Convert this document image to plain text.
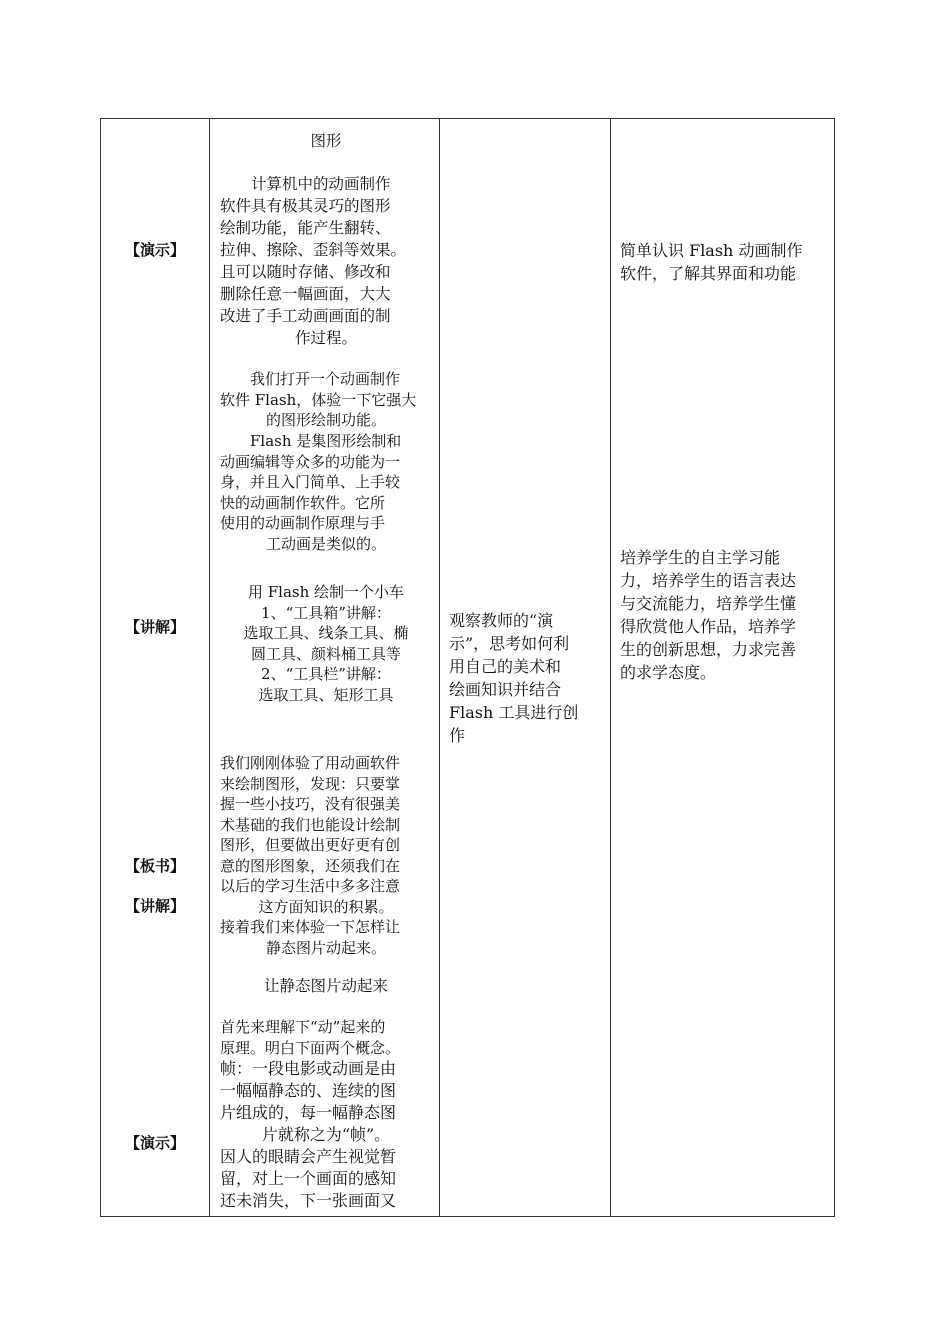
【演示】
【讲解】
【板书】
【讲解】
【演示】
图形
计算机中的动画制作
软件具有极其灵巧的图形
绘制功能，能产生翻转、
拉伸、擦除、歪斜等效果。
且可以随时存储、修改和
删除任意一幅画面，大大
改进了手工动画画面的制
作过程。
我们打开一个动画制作
软件 Flash，体验一下它强大
的图形绘制功能。
Flash 是集图形绘制和
动画编辑等众多的功能为一
身，并且入门简单、上手较
快的动画制作软件。它所
使用的动画制作原理与手
工动画是类似的。
用 Flash 绘制一个小车
1、“工具箱”讲解：
选取工具、线条工具、椭
圆工具、颜料桶工具等
2、“工具栏”讲解：
选取工具、矩形工具
我们刚刚体验了用动画软件
来绘制图形，发现：只要掌
握一些小技巧，没有很强美
术基础的我们也能设计绘制
图形，但要做出更好更有创
意的图形图象，还须我们在
以后的学习生活中多多注意
这方面知识的积累。
接着我们来体验一下怎样让
静态图片动起来。
让静态图片动起来
首先来理解下“动”起来的
原理。明白下面两个概念。
帧：一段电影或动画是由
一幅幅静态的、连续的图
片组成的，每一幅静态图
片就称之为“帧”。
因人的眼睛会产生视觉暂
留，对上一个画面的感知
还未消失，下一张画面又
观察教师的“演
示”，思考如何利
用自己的美术和
绘画知识并结合
Flash 工具进行创
作
简单认识 Flash 动画制作
软件，了解其界面和功能
培养学生的自主学习能
力，培养学生的语言表达
与交流能力，培养学生懂
得欣赏他人作品，培养学
生的创新思想，力求完善
的求学态度。
